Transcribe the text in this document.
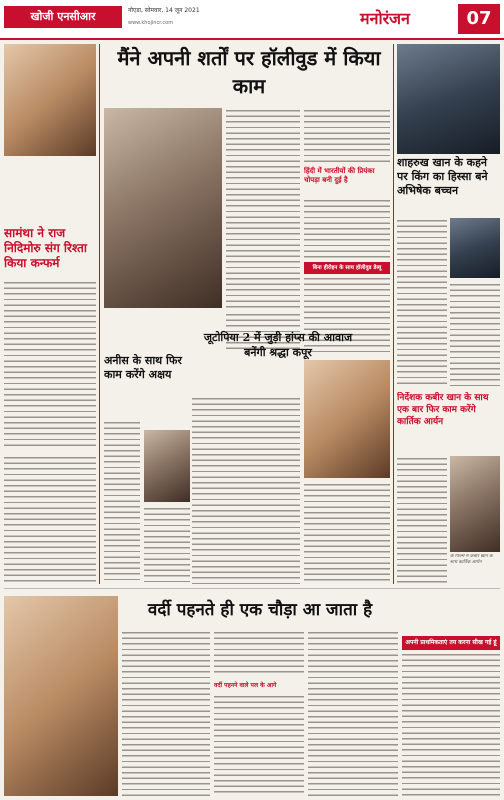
खोजी एनसीआर	नोएडा, सोमवार, 14 जून 2021
www.khojincr.com	मनोरंजन	07
सामंथा ने राज निदिमोरु संग रिश्ता किया कन्फर्म
मैंने अपनी शर्तों पर हॉलीवुड में किया काम
हिंदी में भारतीयों की प्रियंका चोपड़ा बनी दुई है
बिना हीरोइन के साथ हॉलीवुड डेब्यू
अनीस के साथ फिर काम करेंगे अक्षय
जूटोपिया 2 में जुड़ी हांप्स की आवाज बनेंगी श्रद्धा कपूर
शाहरुख खान के कहने पर किंग का हिस्सा बने अभिषेक बच्चन
निर्देशक कबीर खान के साथ एक बार फिर काम करेंगे कार्तिक आर्यन
के फिल्म में कबीर खान के साथ कार्तिक आर्यन
वर्दी पहनते ही एक चौड़ा आ जाता है
वर्दी पहनने वाले पल के आगे
अपनी प्राथमिकताएं तय करना सीख गई हूं
